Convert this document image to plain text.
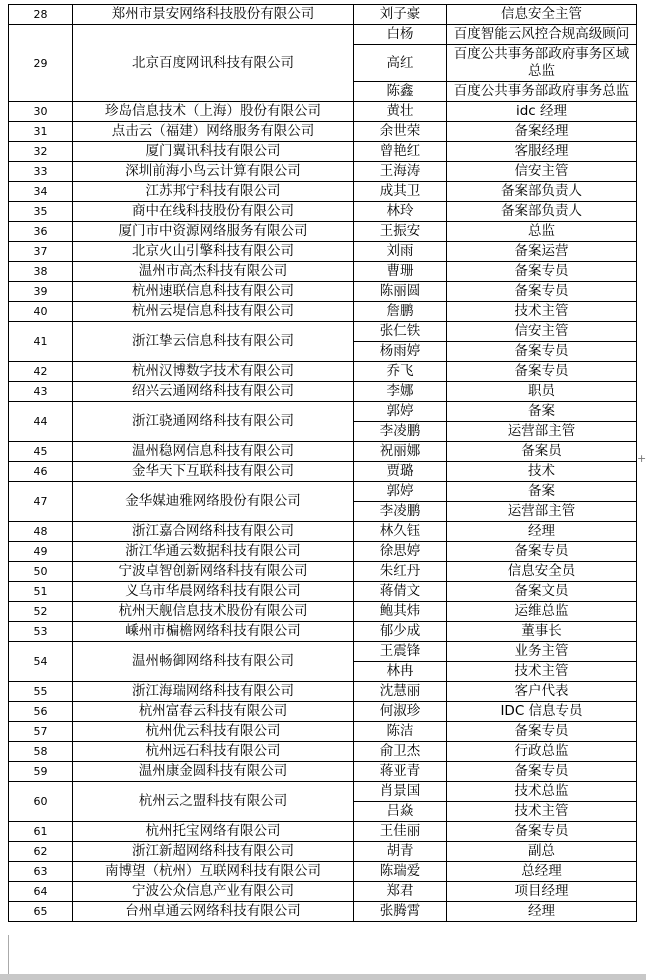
28	郑州市景安网络科技股份有限公司	刘子豪	信息安全主管
29	北京百度网讯科技有限公司	白杨	百度智能云风控合规高级顾问
		高红	百度公共事务部政府事务区域总监
		陈鑫	百度公共事务部政府事务总监
30	珍岛信息技术（上海）股份有限公司	黄壮	idc 经理
31	点击云（福建）网络服务有限公司	余世荣	备案经理
32	厦门翼讯科技有限公司	曾艳红	客服经理
33	深圳前海小鸟云计算有限公司	王海涛	信安主管
34	江苏邦宁科技有限公司	成其卫	备案部负责人
35	商中在线科技股份有限公司	林玲	备案部负责人
36	厦门市中资源网络服务有限公司	王振安	总监
37	北京火山引擎科技有限公司	刘雨	备案运营
38	温州市高杰科技有限公司	曹珊	备案专员
39	杭州速联信息科技有限公司	陈丽圆	备案专员
40	杭州云堤信息科技有限公司	詹鹏	技术主管
41	浙江挚云信息科技有限公司	张仁铁	信安主管
		杨雨婷	备案专员
42	杭州汉博数字技术有限公司	乔飞	备案专员
43	绍兴云通网络科技有限公司	李娜	职员
44	浙江骁通网络科技有限公司	郭婷	备案
		李凌鹏	运营部主管
45	温州稳网信息科技有限公司	祝丽娜	备案员
46	金华天下互联科技有限公司	贾璐	技术
47	金华媒迪雅网络股份有限公司	郭婷	备案
		李凌鹏	运营部主管
48	浙江嘉合网络科技有限公司	林久钰	经理
49	浙江华通云数据科技有限公司	徐思婷	备案专员
50	宁波卓智创新网络科技有限公司	朱红丹	信息安全员
51	义乌市华晨网络科技有限公司	蒋倩文	备案文员
52	杭州天舰信息技术股份有限公司	鲍其炜	运维总监
53	嵊州市楄檐网络科技有限公司	郁少成	董事长
54	温州畅御网络科技有限公司	王震锋	业务主管
		林冉	技术主管
55	浙江海瑞网络科技有限公司	沈慧丽	客户代表
56	杭州富春云科技有限公司	何淑珍	IDC 信息专员
57	杭州优云科技有限公司	陈洁	备案专员
58	杭州远石科技有限公司	俞卫杰	行政总监
59	温州康金圆科技有限公司	蒋亚青	备案专员
60	杭州云之盟科技有限公司	肖景国	技术总监
		吕焱	技术主管
61	杭州托宝网络有限公司	王佳丽	备案专员
62	浙江新超网络科技有限公司	胡青	副总
63	南博望（杭州）互联网科技有限公司	陈瑞爱	总经理
64	宁波公众信息产业有限公司	郑君	项目经理
65	台州卓通云网络科技有限公司	张腾霄	经理
+
